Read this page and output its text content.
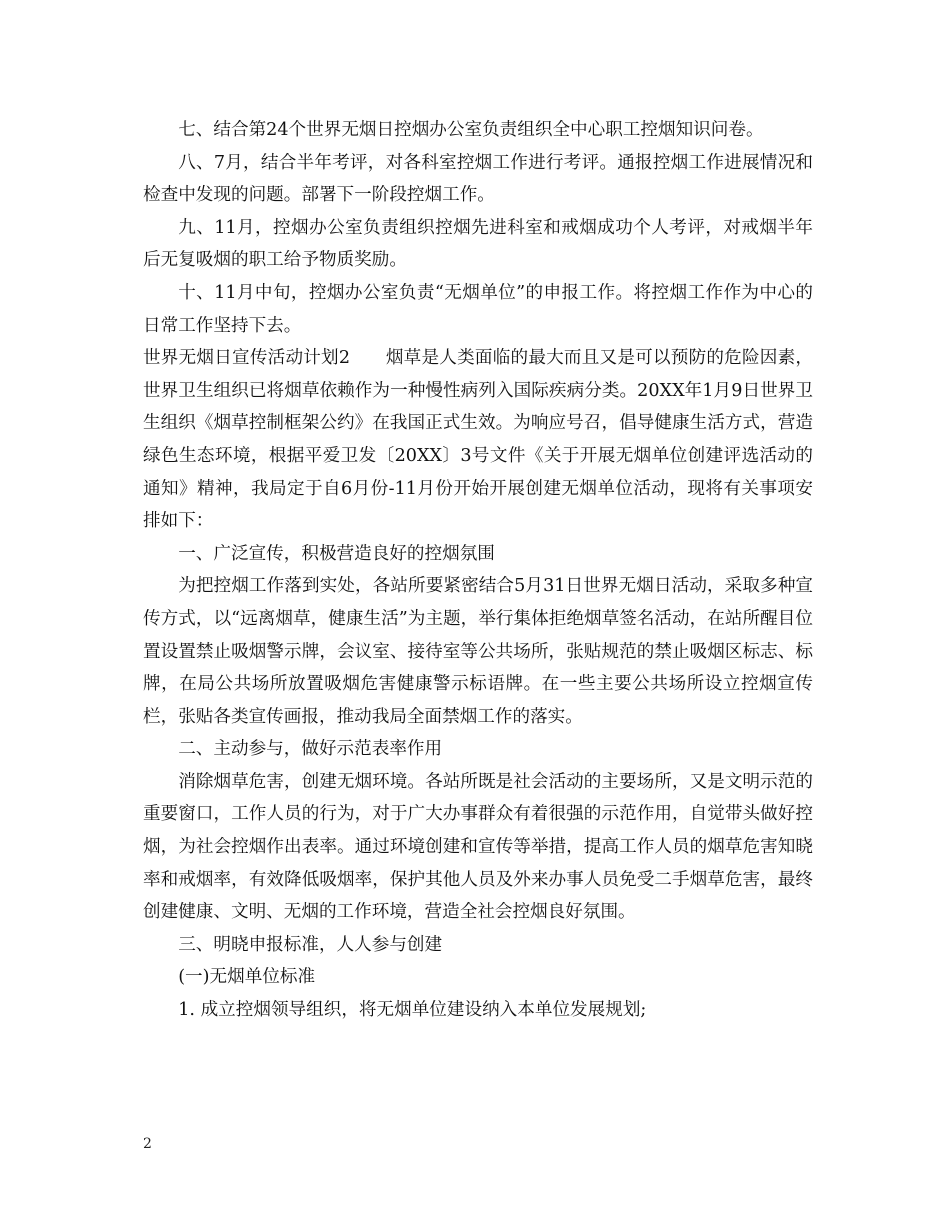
七、结合第24个世界无烟日控烟办公室负责组织全中心职工控烟知识问卷。

八、7月，结合半年考评，对各科室控烟工作进行考评。通报控烟工作进展情况和检查中发现的问题。部署下一阶段控烟工作。

九、11月，控烟办公室负责组织控烟先进科室和戒烟成功个人考评，对戒烟半年后无复吸烟的职工给予物质奖励。

十、11月中旬，控烟办公室负责“无烟单位”的申报工作。将控烟工作作为中心的日常工作坚持下去。

世界无烟日宣传活动计划2　　烟草是人类面临的最大而且又是可以预防的危险因素，世界卫生组织已将烟草依赖作为一种慢性病列入国际疾病分类。20XX年1月9日世界卫生组织《烟草控制框架公约》在我国正式生效。为响应号召，倡导健康生活方式，营造绿色生态环境，根据平爱卫发〔20XX〕3号文件《关于开展无烟单位创建评选活动的通知》精神，我局定于自6月份-11月份开始开展创建无烟单位活动，现将有关事项安排如下：

一、广泛宣传，积极营造良好的控烟氛围

为把控烟工作落到实处，各站所要紧密结合5月31日世界无烟日活动，采取多种宣传方式，以“远离烟草，健康生活”为主题，举行集体拒绝烟草签名活动，在站所醒目位置设置禁止吸烟警示牌，会议室、接待室等公共场所，张贴规范的禁止吸烟区标志、标牌，在局公共场所放置吸烟危害健康警示标语牌。在一些主要公共场所设立控烟宣传栏，张贴各类宣传画报，推动我局全面禁烟工作的落实。

二、主动参与，做好示范表率作用

消除烟草危害，创建无烟环境。各站所既是社会活动的主要场所，又是文明示范的重要窗口，工作人员的行为，对于广大办事群众有着很强的示范作用，自觉带头做好控烟，为社会控烟作出表率。通过环境创建和宣传等举措，提高工作人员的烟草危害知晓率和戒烟率，有效降低吸烟率，保护其他人员及外来办事人员免受二手烟草危害，最终创建健康、文明、无烟的工作环境，营造全社会控烟良好氛围。

三、明晓申报标准，人人参与创建

(一)无烟单位标准

1. 成立控烟领导组织，将无烟单位建设纳入本单位发展规划;

2
